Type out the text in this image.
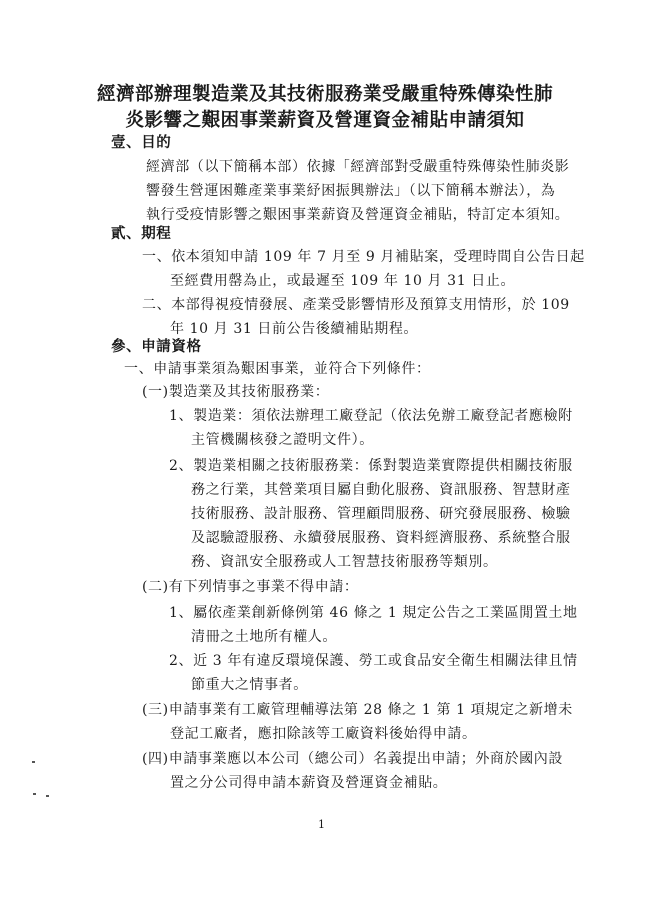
經濟部辦理製造業及其技術服務業受嚴重特殊傳染性肺
炎影響之艱困事業薪資及營運資金補貼申請須知
壹、目的
經濟部（以下簡稱本部）依據「經濟部對受嚴重特殊傳染性肺炎影
響發生營運困難產業事業紓困振興辦法」（以下簡稱本辦法），為
執行受疫情影響之艱困事業薪資及營運資金補貼，特訂定本須知。
貳、期程
一、依本須知申請 109 年 7 月至 9 月補貼案，受理時間自公告日起
至經費用罄為止，或最遲至 109 年 10 月 31 日止。
二、本部得視疫情發展、產業受影響情形及預算支用情形，於 109
年 10 月 31 日前公告後續補貼期程。
參、申請資格
一、申請事業須為艱困事業，並符合下列條件：
(一)製造業及其技術服務業：
1、製造業：須依法辦理工廠登記（依法免辦工廠登記者應檢附
主管機關核發之證明文件）。
2、製造業相關之技術服務業：係對製造業實際提供相關技術服
務之行業，其營業項目屬自動化服務、資訊服務、智慧財產
技術服務、設計服務、管理顧問服務、研究發展服務、檢驗
及認驗證服務、永續發展服務、資料經濟服務、系統整合服
務、資訊安全服務或人工智慧技術服務等類別。
(二)有下列情事之事業不得申請：
1、屬依產業創新條例第 46 條之 1 規定公告之工業區閒置土地
清冊之土地所有權人。
2、近 3 年有違反環境保護、勞工或食品安全衛生相關法律且情
節重大之情事者。
(三)申請事業有工廠管理輔導法第 28 條之 1 第 1 項規定之新增未
登記工廠者，應扣除該等工廠資料後始得申請。
(四)申請事業應以本公司（總公司）名義提出申請；外商於國內設
置之分公司得申請本薪資及營運資金補貼。
1
